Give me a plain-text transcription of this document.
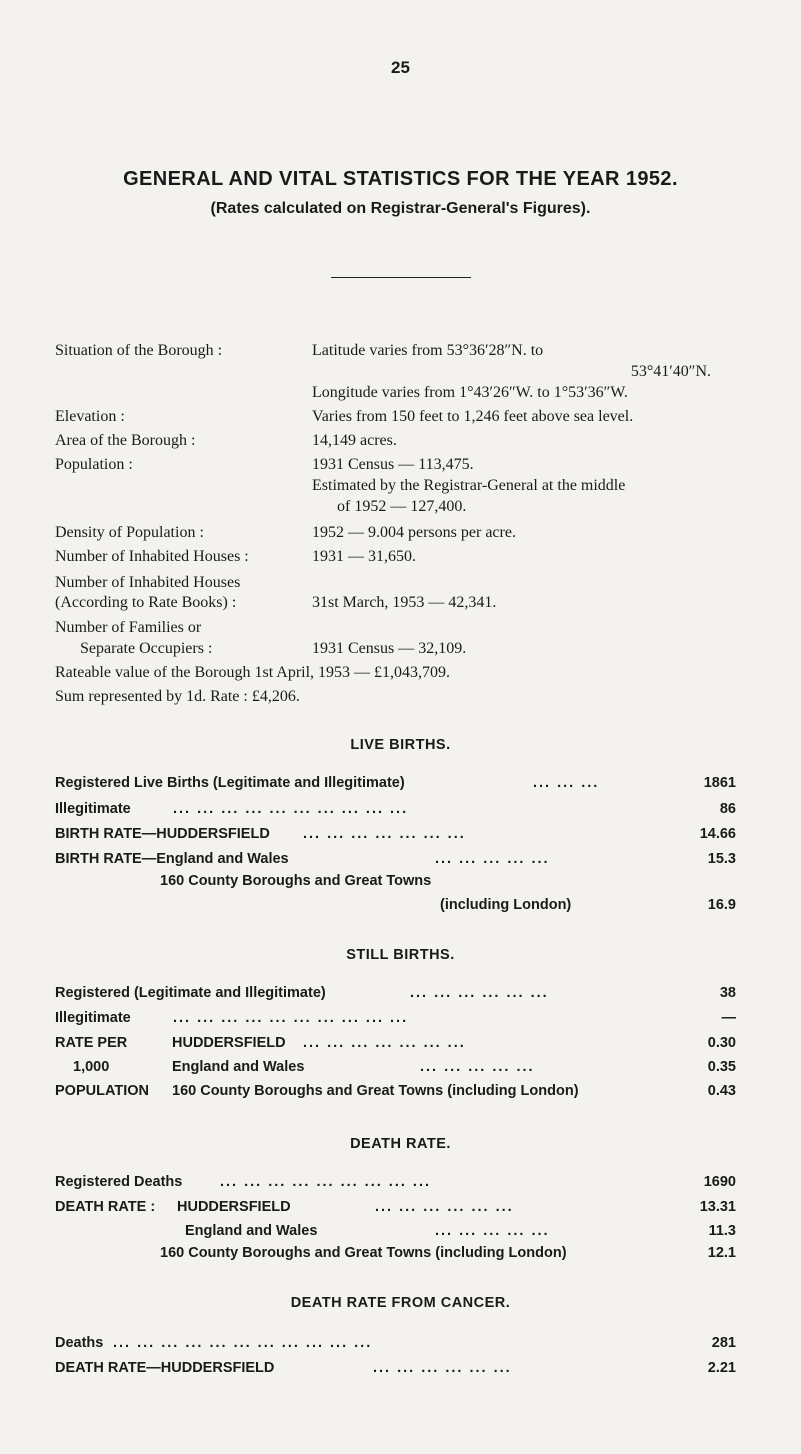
25
GENERAL AND VITAL STATISTICS FOR THE YEAR 1952.
(Rates calculated on Registrar-General's Figures).
Situation of the Borough :	Latitude varies from 53°36′28″N. to
53°41′40″N.
Longitude varies from 1°43′26″W. to 1°53′36″W.
Elevation :	Varies from 150 feet to 1,246 feet above sea level.
Area of the Borough :	14,149 acres.
Population :	1931 Census — 113,475.
Estimated by the Registrar-General at the middle
of 1952 — 127,400.
Density of Population :	1952 — 9.004 persons per acre.
Number of Inhabited Houses :	1931 — 31,650.
Number of Inhabited Houses
(According to Rate Books) :	31st March, 1953 — 42,341.
Number of Families or
Separate Occupiers :	1931 Census — 32,109.
Rateable value of the Borough 1st April, 1953 — £1,043,709.
Sum represented by 1d. Rate : £4,206.
LIVE BIRTHS.
Registered Live Births (Legitimate and Illegitimate)	... ... ...	1861
Illegitimate	... ... ... ... ... ... ... ... ... ...	86
BIRTH RATE—HUDDERSFIELD ... ... ... ... ... ... ...	14.66
BIRTH RATE—England and Wales	... ... ... ... ...	15.3
160 County Boroughs and Great Towns
(including London)	16.9
STILL BIRTHS.
Registered (Legitimate and Illegitimate)	... ... ... ... ... ...	38
Illegitimate	... ... ... ... ... ... ... ... ... ...	—
RATE PER	HUDDERSFIELD ... ... ... ... ... ... ...	0.30
1,000	England and Wales	... ... ... ... ...	0.35
POPULATION 160 County Boroughs and Great Towns (including London)	0.43
DEATH RATE.
Registered Deaths	... ... ... ... ... ... ... ... ...	1690
DEATH RATE : HUDDERSFIELD	... ... ... ... ... ...	13.31
England and Wales	... ... ... ... ...	11.3
160 County Boroughs and Great Towns (including London)	12.1
DEATH RATE FROM CANCER.
Deaths ... ... ... ... ... ... ... ... ... ... ...	281
DEATH RATE—HUDDERSFIELD	... ... ... ... ... ...	2.21
